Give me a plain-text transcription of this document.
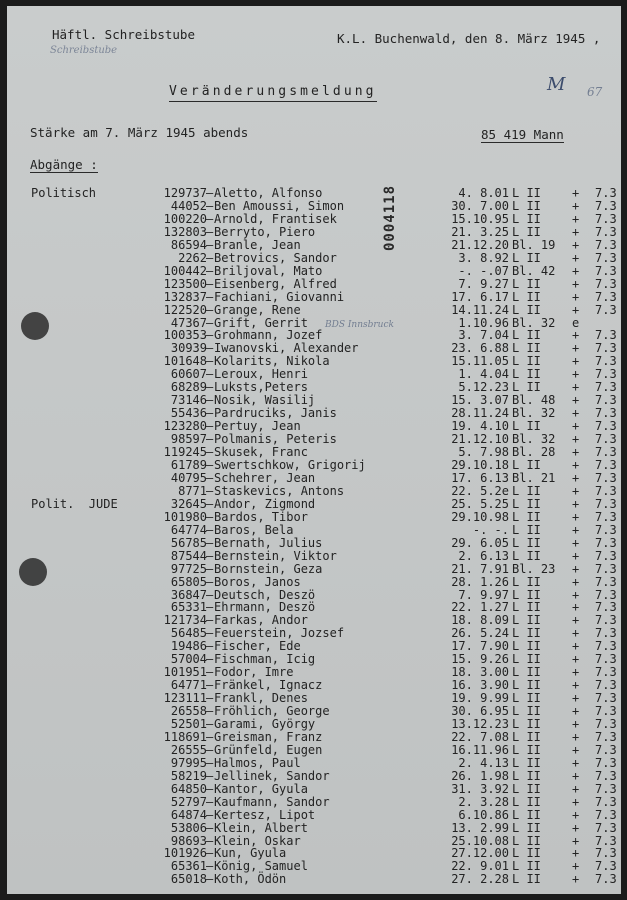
Häftl. Schreibstube
Schreibstube
K.L. Buchenwald, den 8. März 1945 ,
M 67
Veränderungsmeldung
Stärke am 7. März 1945 abends	85 419 Mann
Abgänge :
0004118
BDS Innsbruck
Politisch	129737 — Aletto, Alfonso	4. 8.01 L II	+ 7.3
44052 — Ben Amoussi, Simon	30. 7.00 L II	+ 7.3
100220 — Arnold, Frantisek	15.10.95 L II	+ 7.3
132803 — Berryto, Piero	21. 3.25 L II	+ 7.3
86594 — Branle, Jean	21.12.20 Bl. 19 + 7.3
2262 — Betrovics, Sandor	3. 8.92 L II	+ 7.3
100442 — Briljoval, Mato	-. -.07 Bl. 42 + 7.3
123500 — Eisenberg, Alfred	7. 9.27 L II	+ 7.3
132837 — Fachiani, Giovanni	17. 6.17 L II	+ 7.3
122520 — Grange, Rene	14.11.24 L II	+ 7.3
47367 — Grift, Gerrit	1.10.96 Bl. 32 e
100353 — Grohmann, Jozef	3. 7.04 L II	+ 7.3
30939 — Iwanovski, Alexander	23. 6.88 L II	+ 7.3
101648 — Kolarits, Nikola	15.11.05 L II	+ 7.3
60607 — Leroux, Henri	1. 4.04 L II	+ 7.3
68289 — Luksts,Peters	5.12.23 L II	+ 7.3
73146 — Nosik, Wasilij	15. 3.07 Bl. 48 + 7.3
55436 — Pardruciks, Janis	28.11.24 Bl. 32 + 7.3
123280 — Pertuy, Jean	19. 4.10 L II	+ 7.3
98597 — Polmanis, Peteris	21.12.10 Bl. 32 + 7.3
119245 — Skusek, Franc	5. 7.98 Bl. 28 + 7.3
61789 — Swertschkow, Grigorij	29.10.18 L II	+ 7.3
40795 — Schehrer, Jean	17. 6.13 Bl. 21 + 7.3
8771 — Staskevics, Antons	22. 5.2e L II	+ 7.3
Polit.  JUDE	32645 — Andor, Zigmond	25. 5.25 L II	+ 7.3
101980 — Bardos, Tibor	29.10.98 L II	+ 7.3
64774 — Baros, Bela	-. -. L II	+ 7.3
56785 — Bernath, Julius	29. 6.05 L II	+ 7.3
87544 — Bernstein, Viktor	2. 6.13 L II	+ 7.3
97725 — Bornstein, Geza	21. 7.91 Bl. 23 + 7.3
65805 — Boros, Janos	28. 1.26 L II	+ 7.3
36847 — Deutsch, Deszö	7. 9.97 L II	+ 7.3
65331 — Ehrmann, Deszö	22. 1.27 L II	+ 7.3
121734 — Farkas, Andor	18. 8.09 L II	+ 7.3
56485 — Feuerstein, Jozsef	26. 5.24 L II	+ 7.3
19486 — Fischer, Ede	17. 7.90 L II	+ 7.3
57004 — Fischman, Icig	15. 9.26 L II	+ 7.3
101951 — Fodor, Imre	18. 3.00 L II	+ 7.3
64771 — Fränkel, Ignacz	16. 3.90 L II	+ 7.3
123111 — Frankl, Denes	19. 9.99 L II	+ 7.3
26558 — Fröhlich, George	30. 6.95 L II	+ 7.3
52501 — Garami, György	13.12.23 L II	+ 7.3
118691 — Greisman, Franz	22. 7.08 L II	+ 7.3
26555 — Grünfeld, Eugen	16.11.96 L II	+ 7.3
97995 — Halmos, Paul	2. 4.13 L II	+ 7.3
58219 — Jellinek, Sandor	26. 1.98 L II	+ 7.3
64850 — Kantor, Gyula	31. 3.92 L II	+ 7.3
52797 — Kaufmann, Sandor	2. 3.28 L II	+ 7.3
64874 — Kertesz, Lipot	6.10.86 L II	+ 7.3
53806 — Klein, Albert	13. 2.99 L II	+ 7.3
98693 — Klein, Oskar	25.10.08 L II	+ 7.3
101926 — Kun, Gyula	27.12.00 L II	+ 7.3
65361 — König, Samuel	22. 9.01 L II	+ 7.3
65018 — Koth, Ödön	27. 2.28 L II	+ 7.3
